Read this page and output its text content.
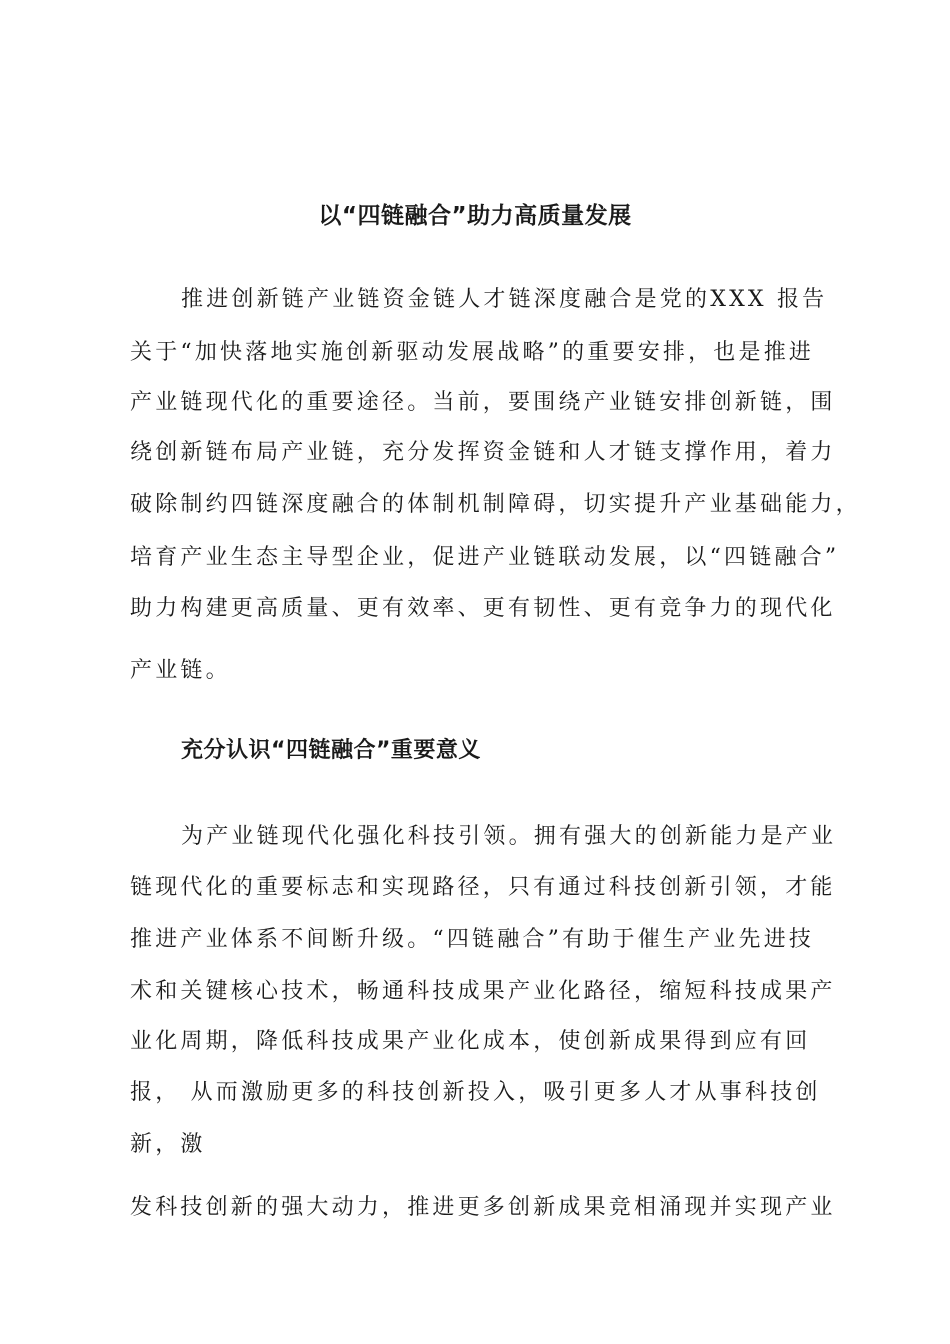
以“四链融合”助力高质量发展
推进创新链产业链资金链人才链深度融合是党的XXX 报告
关于“加快落地实施创新驱动发展战略”的重要安排，也是推进
产业链现代化的重要途径。当前，要围绕产业链安排创新链，围
绕创新链布局产业链，充分发挥资金链和人才链支撑作用，着力
破除制约四链深度融合的体制机制障碍，切实提升产业基础能力，
培育产业生态主导型企业，促进产业链联动发展，以“四链融合”
助力构建更高质量、更有效率、更有韧性、更有竞争力的现代化
产业链。
充分认识“四链融合”重要意义
为产业链现代化强化科技引领。拥有强大的创新能力是产业
链现代化的重要标志和实现路径，只有通过科技创新引领，才能
推进产业体系不间断升级。“四链融合”有助于催生产业先进技
术和关键核心技术，畅通科技成果产业化路径，缩短科技成果产
业化周期，降低科技成果产业化成本，使创新成果得到应有回
报， 从而激励更多的科技创新投入，吸引更多人才从事科技创
新，激
发科技创新的强大动力，推进更多创新成果竞相涌现并实现产业
